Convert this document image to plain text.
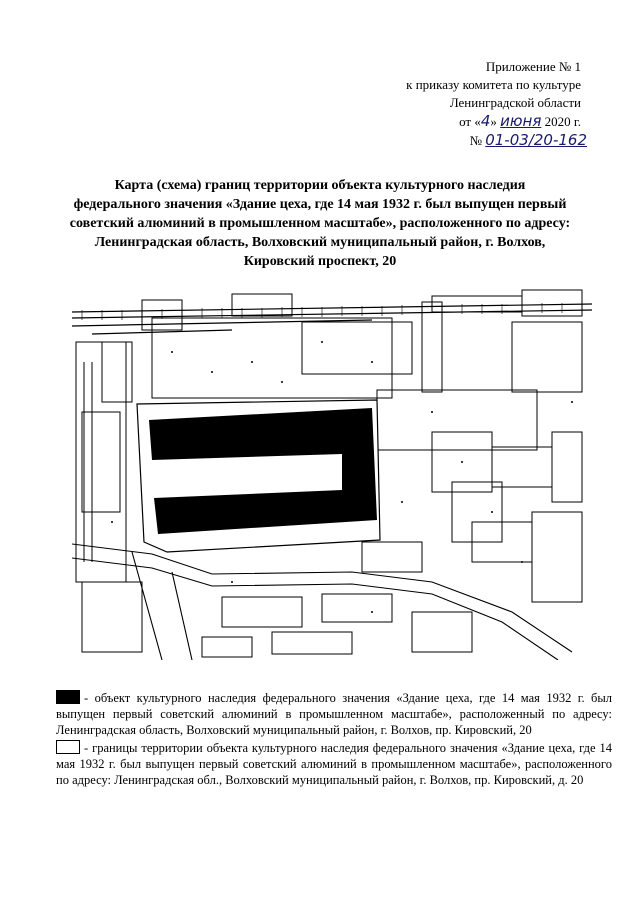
Приложение № 1
к приказу комитета по культуре
Ленинградской области
от «4» июня 2020 г.
№ 01-03/20-162
Карта (схема) границ территории объекта культурного наследия
федерального значения «Здание цеха, где 14 мая 1932 г. был выпущен первый
советский алюминий в промышленном масштабе», расположенного по адресу:
Ленинградская область, Волховский муниципальный район, г. Волхов,
Кировский проспект, 20
- объект культурного наследия федерального значения «Здание цеха, где 14 мая 1932 г. был выпущен первый советский алюминий в промышленном масштабе», расположенный по адресу: Ленинградская область, Волховский муниципальный район, г. Волхов, пр. Кировский, 20
- границы территории объекта культурного наследия федерального значения «Здание цеха, где 14 мая 1932 г. был выпущен первый советский алюминий в промышленном масштабе», расположенного по адресу: Ленинградская обл., Волховский муниципальный район, г. Волхов, пр. Кировский, д. 20
